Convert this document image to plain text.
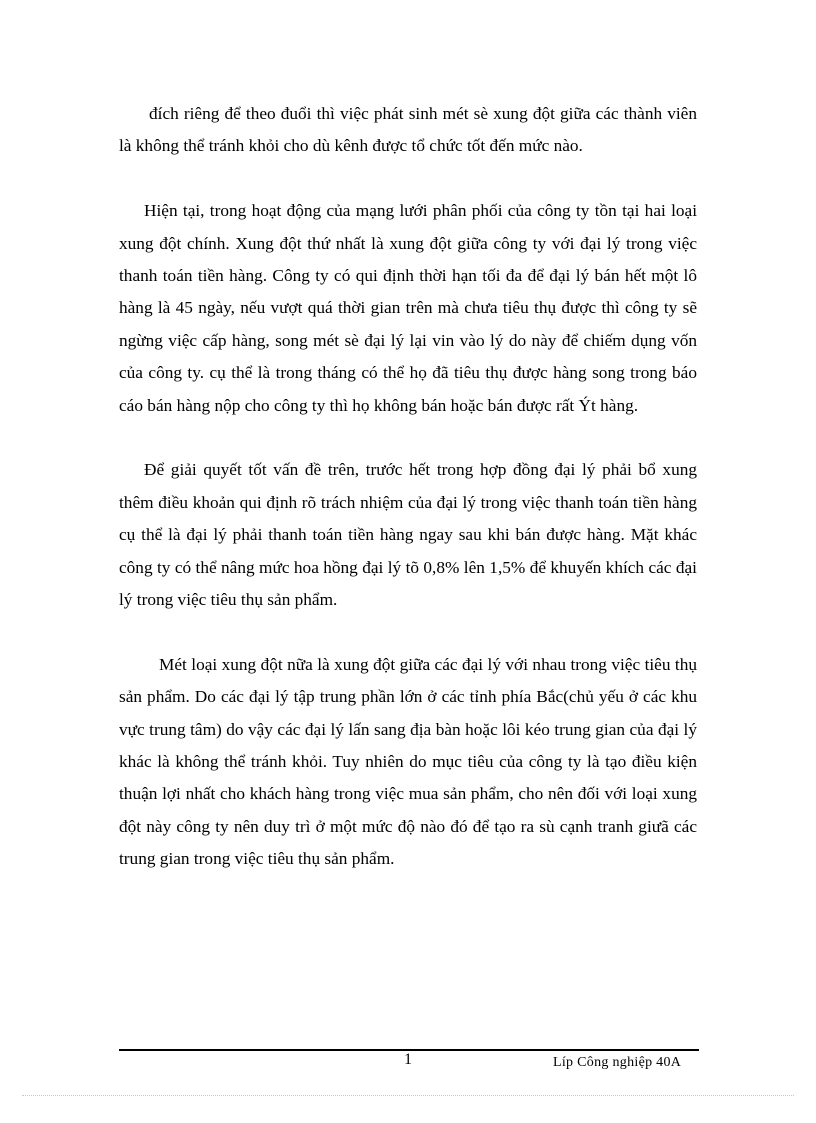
đích riêng để theo đuổi thì việc phát sinh mét sè xung đột giữa các thành viên là không thể tránh khỏi cho dù kênh được tổ chức tốt đến mức nào.

Hiện tại, trong hoạt động của mạng lưới phân phối của công ty tồn tại hai loại xung đột chính. Xung đột thứ nhất là xung đột giữa công ty với đại lý trong việc thanh toán tiền hàng. Công ty có qui định thời hạn tối đa để đại lý bán hết một lô hàng là 45 ngày, nếu vượt quá thời gian trên mà chưa tiêu thụ được thì công ty sẽ ngừng việc cấp hàng, song mét sè đại lý lại vin vào lý do này để chiếm dụng vốn của công ty. cụ thể là trong tháng có thể họ đã tiêu thụ được hàng song trong báo cáo bán hàng nộp cho công ty thì họ không bán hoặc bán được rất Ýt hàng.

Để giải quyết tốt vấn đề trên, trước hết trong hợp đồng đại lý phải bổ xung thêm điều khoản qui định rõ trách nhiệm của đại lý trong việc thanh toán tiền hàng cụ thể là đại lý phải thanh toán tiền hàng ngay sau khi bán được hàng. Mặt khác công ty có thể nâng mức hoa hồng đại lý tõ 0,8% lên 1,5% để khuyến khích các đại lý trong việc tiêu thụ sản phẩm.

Mét loại xung đột nữa là xung đột giữa các đại lý với nhau trong việc tiêu thụ sản phẩm. Do các đại lý tập trung phần lớn ở các tỉnh phía Bắc(chủ yếu ở các khu vực trung tâm) do vậy các đại lý lấn sang địa bàn hoặc lôi kéo trung gian của đại lý khác là không thể tránh khỏi. Tuy nhiên do mục tiêu của công ty là tạo điều kiện thuận lợi nhất cho khách hàng trong việc mua sản phẩm, cho nên đối với loại xung đột này công ty nên duy trì ở một mức độ nào đó để tạo ra sù cạnh tranh giưã các trung gian trong việc tiêu thụ sản phẩm.

1	Líp Công nghiệp 40A
